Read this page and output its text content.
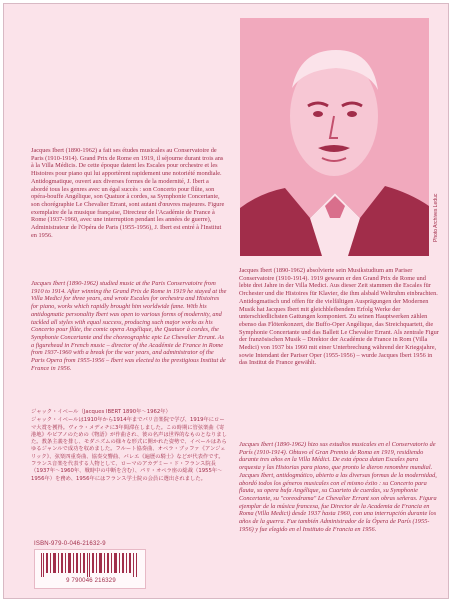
Jacques Ibert (1890-1962) a fait ses études musicales au Conservatoire de Paris (1910-1914). Grand Prix de Rome en 1919, il séjourne durant trois ans à la Villa Médicis. De cette époque datent les Escales pour orchestre et les Histoires pour piano qui lui apportèrent rapidement une notoriété mondiale. Antidogmatique, ouvert aux diverses formes de la modernité, J. Ibert a abordé tous les genres avec un égal succès : son Concerto pour flûte, son opéra-bouffe Angélique, son Quatuor à cordes, sa Symphonie Concertante, son chorégraphie Le Chevalier Errant, sont autant d'œuvres majeures. Figure exemplaire de la musique française, Directeur de l'Académie de France à Rome (1937-1960, avec une interruption pendant les années de guerre), Administrateur de l'Opéra de Paris (1955-1956), J. Ibert est entré à l'Institut en 1956.

Jacques Ibert (1890-1962) studied music at the Paris Conservatoire from 1910 to 1914. After winning the Grand Prix de Rome in 1919 he stayed at the Villa Medici for three years, and wrote Escales for orchestra and Histoires for piano, works which rapidly brought him worldwide fame. With his antidogmatic personality Ibert was open to various forms of modernity, and tackled all styles with equal success, producing such major works as his Concerto pour flûte, the comic opera Angélique, the Quatuor à cordes, the Symphonie Concertante and the choreographic epic Le Chevalier Errant. As a figurehead in French music – director of the Académie de France in Rome from 1937-1960 with a break for the war years, and administrator of the Paris Opera from 1955-1956 – Ibert was elected to the prestigious Institut de France in 1956.

ジャック・イベール（Jacques IBERT 1890年〜1962年）

ジャック・イベールは1910年から1914年までパリ音楽院で学び、1919年にローマ大賞を獲得。ヴィラ・メディチに3年間滞在しました。この時期に管弦楽曲《寄港地》やピアノのための《物語》が作曲され、彼の名声は世界的なものとなりました。教条主義を排し、モダニズムの様々な形式に開かれた姿勢で、イベールはあらゆるジャンルで成功を収めました。フルート協奏曲、オペラ・ブッファ《アンジェリック》、弦楽四重奏曲、協奏交響曲、バレエ《遍歴の騎士》などが代表作です。フランス音楽を代表する人物として、ローマのアカデミー・ド・フランス院長（1937年〜1960年、戦時中の中断を含む）、パリ・オペラ座の総裁（1955年〜1956年）を務め、1956年にはフランス学士院の会員に選出されました。

Photo Archives Leduc

Jacques Ibert (1890-1962) absolvierte sein Musikstudium am Pariser Conservatoire (1910-1914). 1919 gewann er den Grand Prix de Rome und lebte drei Jahre in der Villa Medici. Aus dieser Zeit stammen die Escales für Orchester und die Histoires für Klavier, die ihm alsbald Weltruhm einbrachten. Antidogmatisch und offen für die vielfältigen Ausprägungen der Modernen Musik hat Jacques Ibert mit gleichbleibendem Erfolg Werke der unterschiedlichsten Gattungen komponiert. Zu seinen Hauptwerken zählen ebenso das Flötenkonzert, die Buffo-Oper Angélique, das Streichquartett, die Symphonie Concertante und das Ballett Le Chevalier Errant. Als zentrale Figur der französischen Musik – Direktor der Académie de France in Rom (Villa Medici) von 1937 bis 1960 mit einer Unterbrechung während der Kriegsjahre, sowie Intendant der Pariser Oper (1955-1956) – wurde Jacques Ibert 1956 in das Institut de France gewählt.

Jacques Ibert (1890-1962) hizo sus estudios musicales en el Conservatorio de París (1910-1914). Obtuvo el Gran Premio de Roma en 1919, residiendo durante tres años en la Villa Médici. De esta época datan Escales para orquesta y las Historias para piano, que pronto le dieron renombre mundial. Jacques Ibert, antidogmático, abierto a las diversas formas de la modernidad, abordó todos los géneros musicales con el mismo éxito : su Concerto para flauta, su opera bufa Angélique, su Cuarteto de cuerdas, su Symphonie Concertante, su "coreodrama" Le Chevalier Errant son obras señeras. Figura ejemplar de la música francesa, fue Director de la Academia de Francia en Roma (Villa Medici) desde 1937 hasta 1960, con una interrupción durante los años de la guerra. Fue también Administrador de la Ópera de París (1955-1956) y fue elegido en el Instituto de Francia en 1956.

ISBN-979-0-046-21632-9
9 790046 216329
